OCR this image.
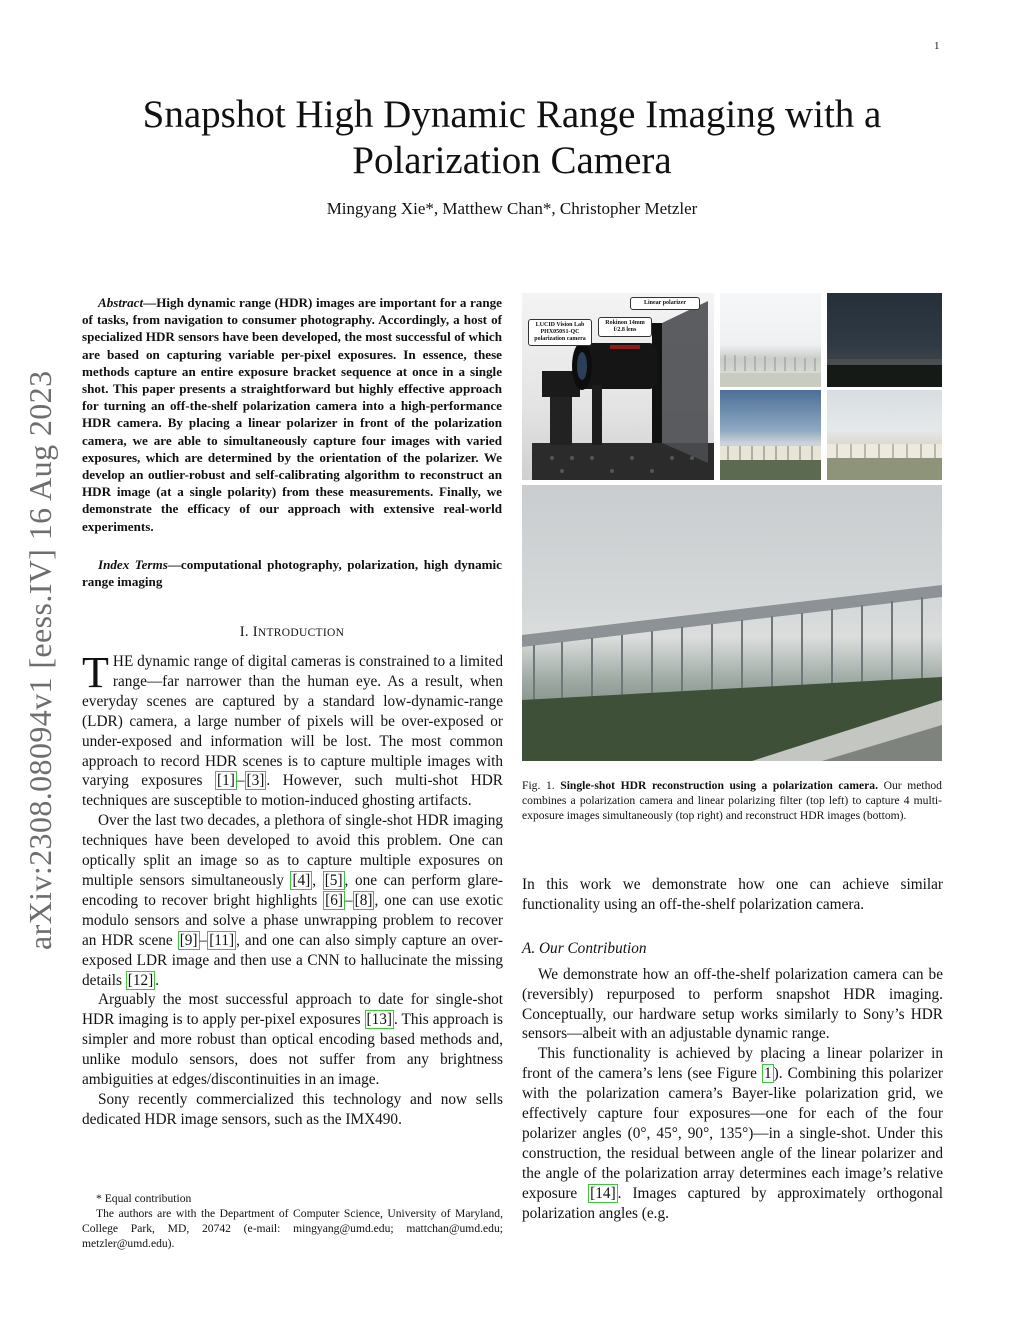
1
Snapshot High Dynamic Range Imaging with a
Polarization Camera
Mingyang Xie*, Matthew Chan*, Christopher Metzler
arXiv:2308.08094v1 [eess.IV] 16 Aug 2023

Abstract—High dynamic range (HDR) images are important for a range of tasks, from navigation to consumer photography. Accordingly, a host of specialized HDR sensors have been developed, the most successful of which are based on capturing variable per-pixel exposures. In essence, these methods capture an entire exposure bracket sequence at once in a single shot. This paper presents a straightforward but highly effective approach for turning an off-the-shelf polarization camera into a high-performance HDR camera. By placing a linear polarizer in front of the polarization camera, we are able to simultaneously capture four images with varied exposures, which are determined by the orientation of the polarizer. We develop an outlier-robust and self-calibrating algorithm to reconstruct an HDR image (at a single polarity) from these measurements. Finally, we demonstrate the efficacy of our approach with extensive real-world experiments.

Index Terms—computational photography, polarization, high dynamic range imaging

I. INTRODUCTION

THE dynamic range of digital cameras is constrained to a limited range—far narrower than the human eye. As a result, when everyday scenes are captured by a standard low-dynamic-range (LDR) camera, a large number of pixels will be over-exposed or under-exposed and information will be lost. The most common approach to record HDR scenes is to capture multiple images with varying exposures [1] – [3] . However, such multi-shot HDR techniques are susceptible to motion-induced ghosting artifacts.

Over the last two decades, a plethora of single-shot HDR imaging techniques have been developed to avoid this problem. One can optically split an image so as to capture multiple exposures on multiple sensors simultaneously [4] , [5] , one can perform glare-encoding to recover bright highlights [6] – [8] , one can use exotic modulo sensors and solve a phase unwrapping problem to recover an HDR scene [9] – [11] , and one can also simply capture an over-exposed LDR image and then use a CNN to hallucinate the missing details [12] .

Arguably the most successful approach to date for single-shot HDR imaging is to apply per-pixel exposures [13] . This approach is simpler and more robust than optical encoding based methods and, unlike modulo sensors, does not suffer from any brightness ambiguities at edges/discontinuities in an image.

Sony recently commercialized this technology and now sells dedicated HDR image sensors, such as the IMX490.

* Equal contribution

The authors are with the Department of Computer Science, University of Maryland, College Park, MD, 20742 (e-mail: mingyang@umd.edu; mattchan@umd.edu; metzler@umd.edu).

LUCID Vision Lab PHX050S1-QC polarization camera
Rokinon 14mm f/2.8 lens
Linear polarizer
Fig. 1. Single-shot HDR reconstruction using a polarization camera. Our method combines a polarization camera and linear polarizing filter (top left) to capture 4 multi-exposure images simultaneously (top right) and reconstruct HDR images (bottom).

In this work we demonstrate how one can achieve similar functionality using an off-the-shelf polarization camera.

A. Our Contribution

We demonstrate how an off-the-shelf polarization camera can be (reversibly) repurposed to perform snapshot HDR imaging. Conceptually, our hardware setup works similarly to Sony’s HDR sensors—albeit with an adjustable dynamic range.

This functionality is achieved by placing a linear polarizer in front of the camera’s lens (see Figure 1 ). Combining this polarizer with the polarization camera’s Bayer-like polarization grid, we effectively capture four exposures—one for each of the four polarizer angles (0°, 45°, 90°, 135°)—in a single-shot. Under this construction, the residual between angle of the linear polarizer and the angle of the polarization array determines each image’s relative exposure [14] . Images captured by approximately orthogonal polarization angles (e.g.
